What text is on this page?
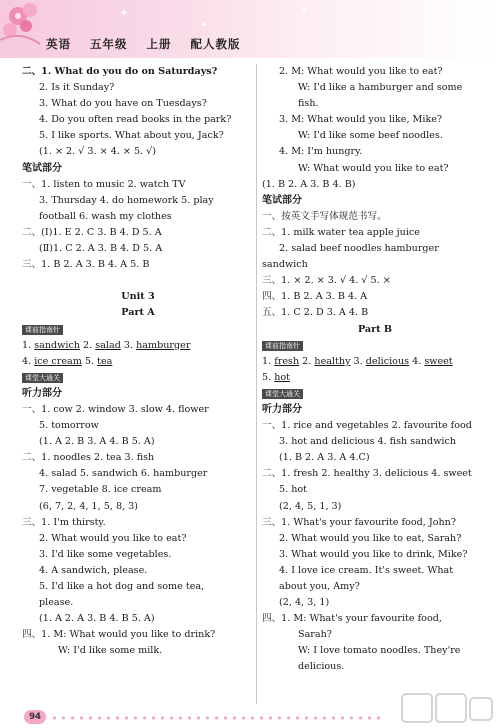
✦
✦
✦
英语 五年级 上册 配人教版
二、1. What do you do on Saturdays?
2. Is it Sunday?
3. What do you have on Tuesdays?
4. Do you often read books in the park?
5. I like sports. What about you, Jack?
(1. × 2. √ 3. × 4. × 5. √)
笔试部分
一、1. listen to music 2. watch TV
3. Thursday 4. do homework 5. play
football 6. wash my clothes
二、(Ⅰ)1. E 2. C 3. B 4. D 5. A
(Ⅱ)1. C 2. A 3. B 4. D 5. A
三、1. B 2. A 3. B 4. A 5. B
Unit 3
Part A
课前指南针
1. sandwich 2. salad 3. hamburger
4. ice cream 5. tea
课堂大通关
听力部分
一、1. cow 2. window 3. slow 4. flower
5. tomorrow
(1. A 2. B 3. A 4. B 5. A)
二、1. noodles 2. tea 3. fish
4. salad 5. sandwich 6. hamburger
7. vegetable 8. ice cream
(6, 7, 2, 4, 1, 5, 8, 3)
三、1. I'm thirsty.
2. What would you like to eat?
3. I'd like some vegetables.
4. A sandwich, please.
5. I'd like a hot dog and some tea,
please.
(1. A 2. A 3. B 4. B 5. A)
四、1. M: What would you like to drink?
W: I'd like some milk.
2. M: What would you like to eat?
W: I'd like a hamburger and some
fish.
3. M: What would you like, Mike?
W: I'd like some beef noodles.
4. M: I'm hungry.
W: What would you like to eat?
(1. B 2. A 3. B 4. B)
笔试部分
一、按英文手写体规范书写。
二、1. milk water tea apple juice
2. salad beef noodles hamburger
sandwich
三、1. × 2. × 3. √ 4. √ 5. ×
四、1. B 2. A 3. B 4. A
五、1. C 2. D 3. A 4. B
Part B
课前指南针
1. fresh 2. healthy 3. delicious 4. sweet
5. hot
课堂大通关
听力部分
一、1. rice and vegetables 2. favourite food
3. hot and delicious 4. fish sandwich
(1. B 2. A 3. A 4.C)
二、1. fresh 2. healthy 3. delicious 4. sweet
5. hot
(2, 4, 5, 1, 3)
三、1. What's your favourite food, John?
2. What would you like to eat, Sarah?
3. What would you like to drink, Mike?
4. I love ice cream. It's sweet. What
about you, Amy?
(2, 4, 3, 1)
四、1. M: What's your favourite food,
Sarah?
W: I love tomato noodles. They're
delicious.
94
